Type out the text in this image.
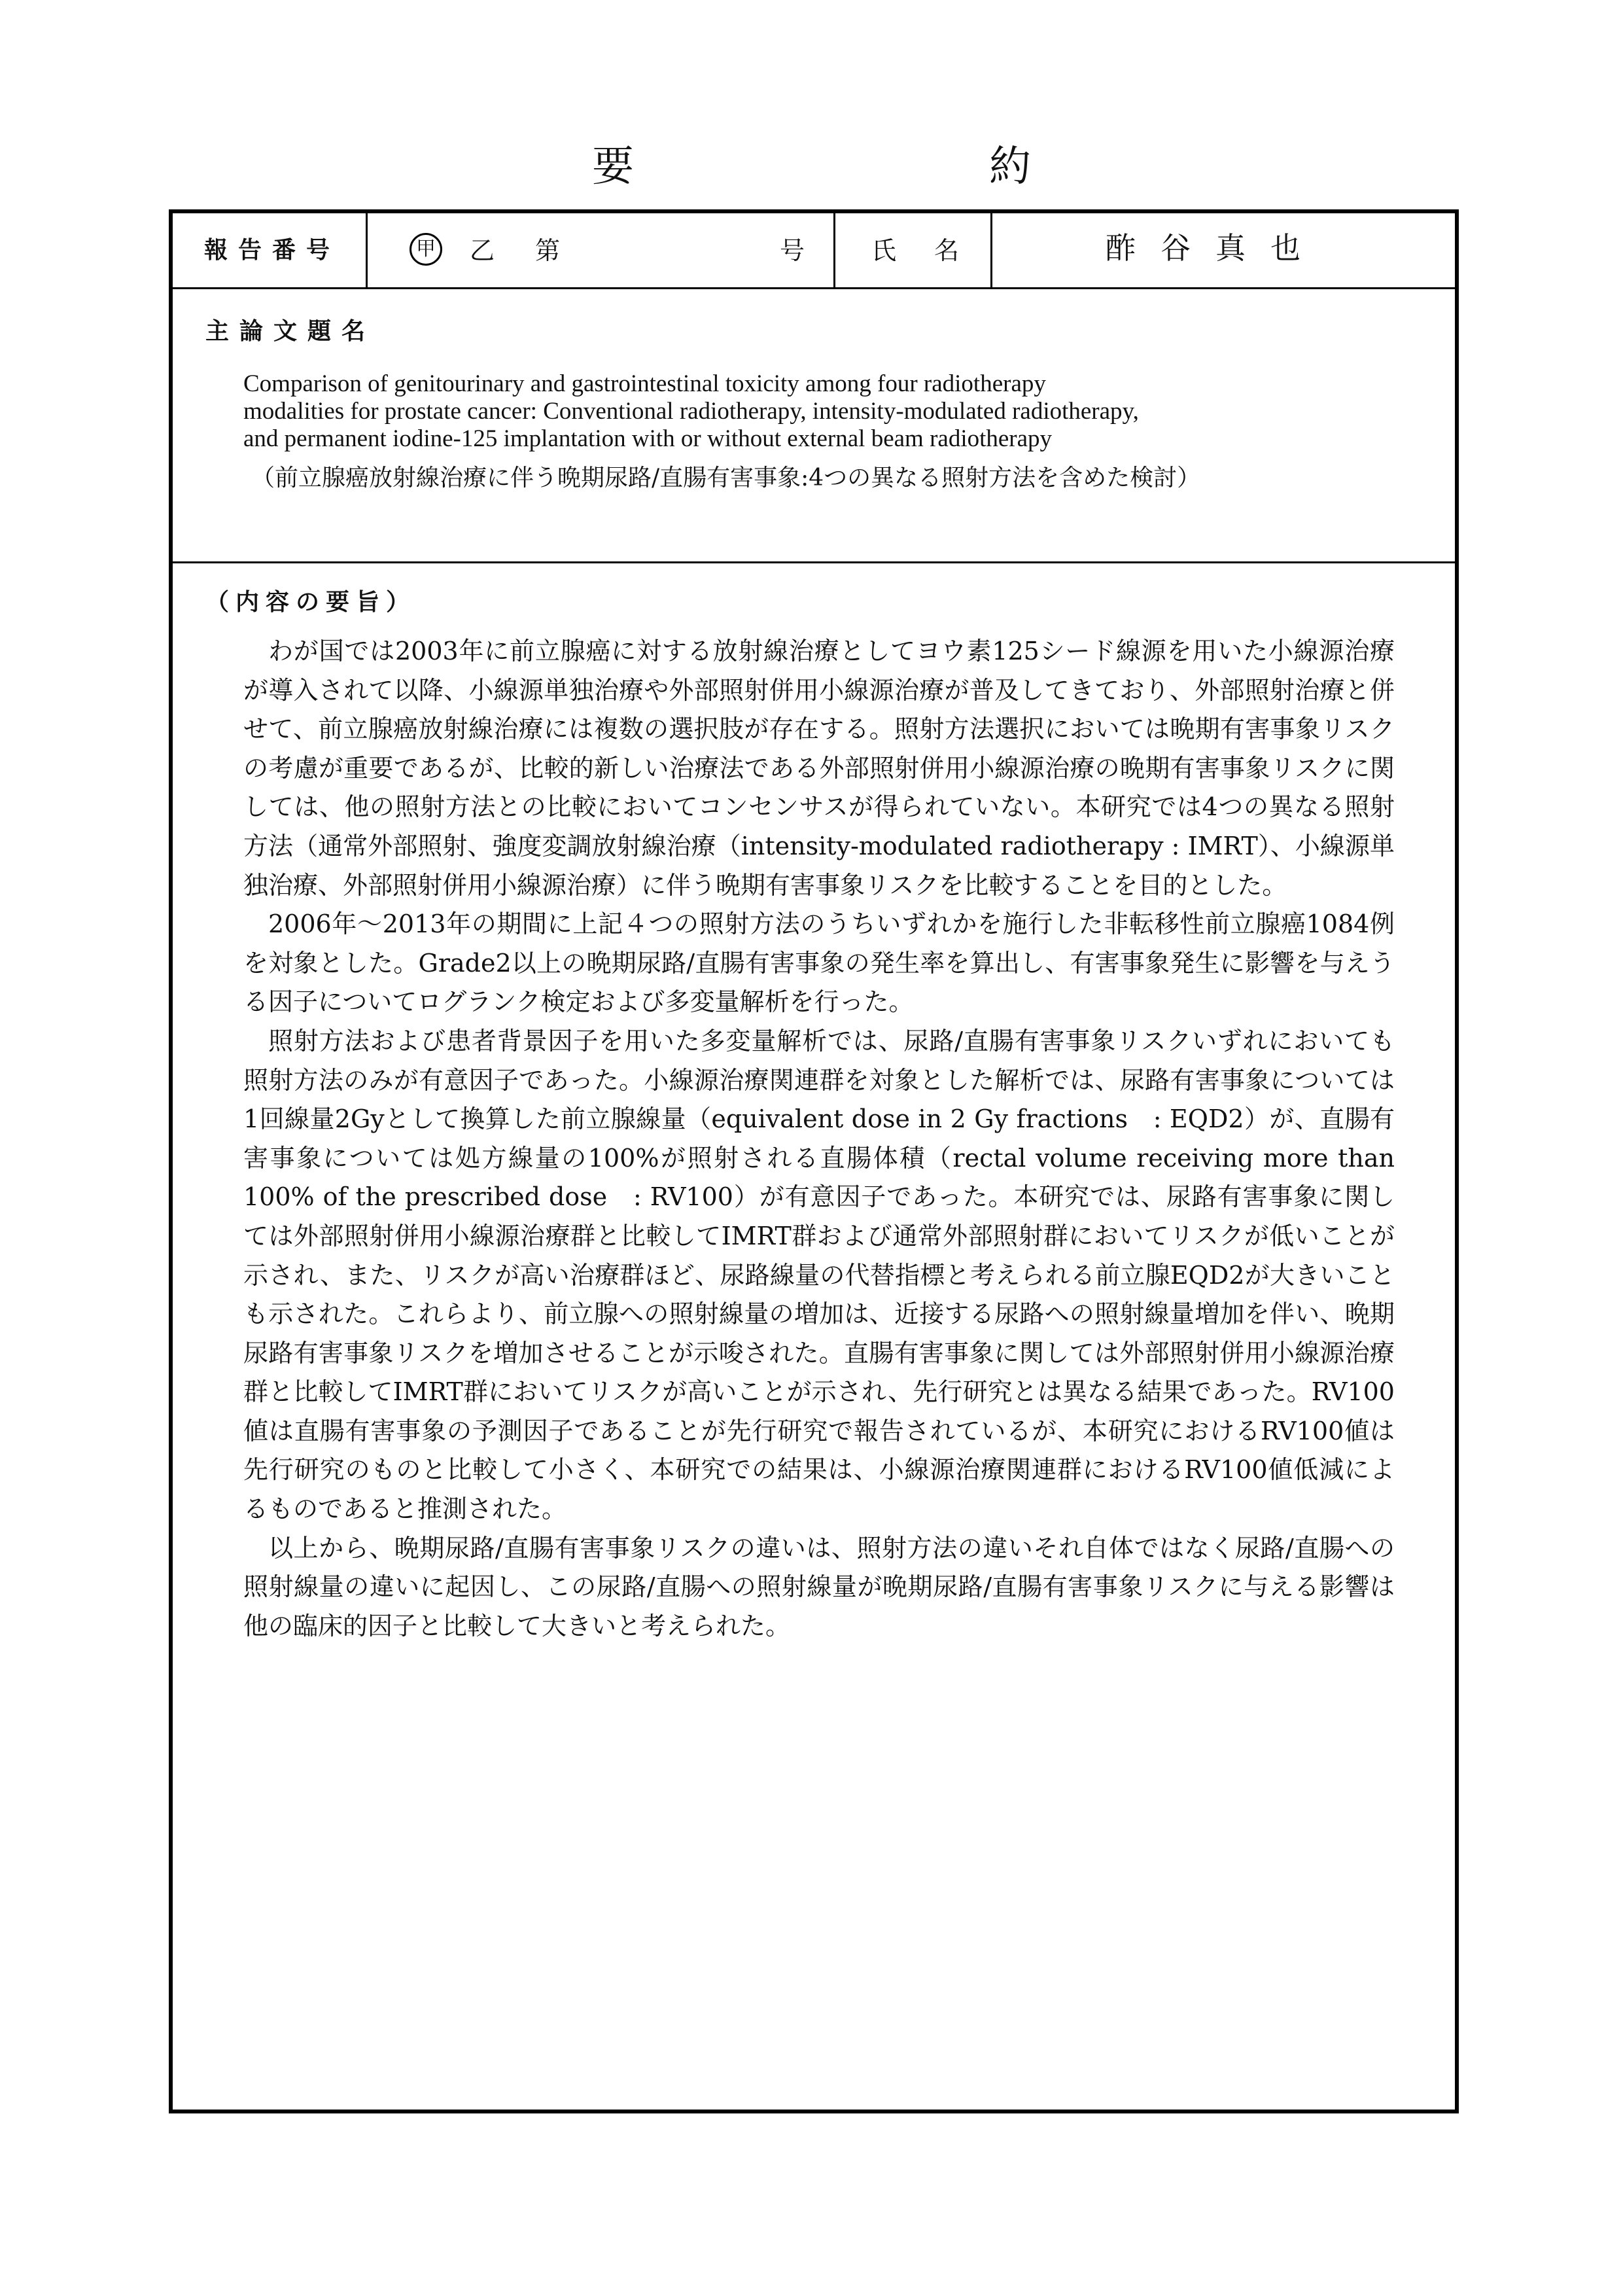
要	約
報告番号	甲 乙　第	号	氏　名	酢谷真也
主論文題名
Comparison of genitourinary and gastrointestinal toxicity among four radiotherapy
modalities for prostate cancer: Conventional radiotherapy, intensity-modulated radiotherapy,
and permanent iodine-125 implantation with or without external beam radiotherapy
（前立腺癌放射線治療に伴う晩期尿路/直腸有害事象:4つの異なる照射方法を含めた検討）
（内容の要旨）

わが国では2003年に前立腺癌に対する放射線治療としてヨウ素125シード線源を用いた小線源治療が導入されて以降、小線源単独治療や外部照射併用小線源治療が普及してきており、外部照射治療と併せて、前立腺癌放射線治療には複数の選択肢が存在する。照射方法選択においては晩期有害事象リスクの考慮が重要であるが、比較的新しい治療法である外部照射併用小線源治療の晩期有害事象リスクに関しては、他の照射方法との比較においてコンセンサスが得られていない。本研究では4つの異なる照射方法（通常外部照射、強度変調放射線治療（intensity-modulated radiotherapy : IMRT）、小線源単独治療、外部照射併用小線源治療）に伴う晩期有害事象リスクを比較することを目的とした。

2006年～2013年の期間に上記４つの照射方法のうちいずれかを施行した非転移性前立腺癌1084例を対象とした。Grade2以上の晩期尿路/直腸有害事象の発生率を算出し、有害事象発生に影響を与えうる因子についてログランク検定および多変量解析を行った。

照射方法および患者背景因子を用いた多変量解析では、尿路/直腸有害事象リスクいずれにおいても照射方法のみが有意因子であった。小線源治療関連群を対象とした解析では、尿路有害事象については1回線量2Gyとして換算した前立腺線量（equivalent dose in 2 Gy fractions　: EQD2）が、直腸有害事象については処方線量の100%が照射される直腸体積（rectal volume receiving more than 100% of the prescribed dose　: RV100）が有意因子であった。本研究では、尿路有害事象に関しては外部照射併用小線源治療群と比較してIMRT群および通常外部照射群においてリスクが低いことが示され、また、リスクが高い治療群ほど、尿路線量の代替指標と考えられる前立腺EQD2が大きいことも示された。これらより、前立腺への照射線量の増加は、近接する尿路への照射線量増加を伴い、晩期尿路有害事象リスクを増加させることが示唆された。直腸有害事象に関しては外部照射併用小線源治療群と比較してIMRT群においてリスクが高いことが示され、先行研究とは異なる結果であった。RV100値は直腸有害事象の予測因子であることが先行研究で報告されているが、本研究におけるRV100値は先行研究のものと比較して小さく、本研究での結果は、小線源治療関連群におけるRV100値低減によるものであると推測された。

以上から、晩期尿路/直腸有害事象リスクの違いは、照射方法の違いそれ自体ではなく尿路/直腸への照射線量の違いに起因し、この尿路/直腸への照射線量が晩期尿路/直腸有害事象リスクに与える影響は他の臨床的因子と比較して大きいと考えられた。
